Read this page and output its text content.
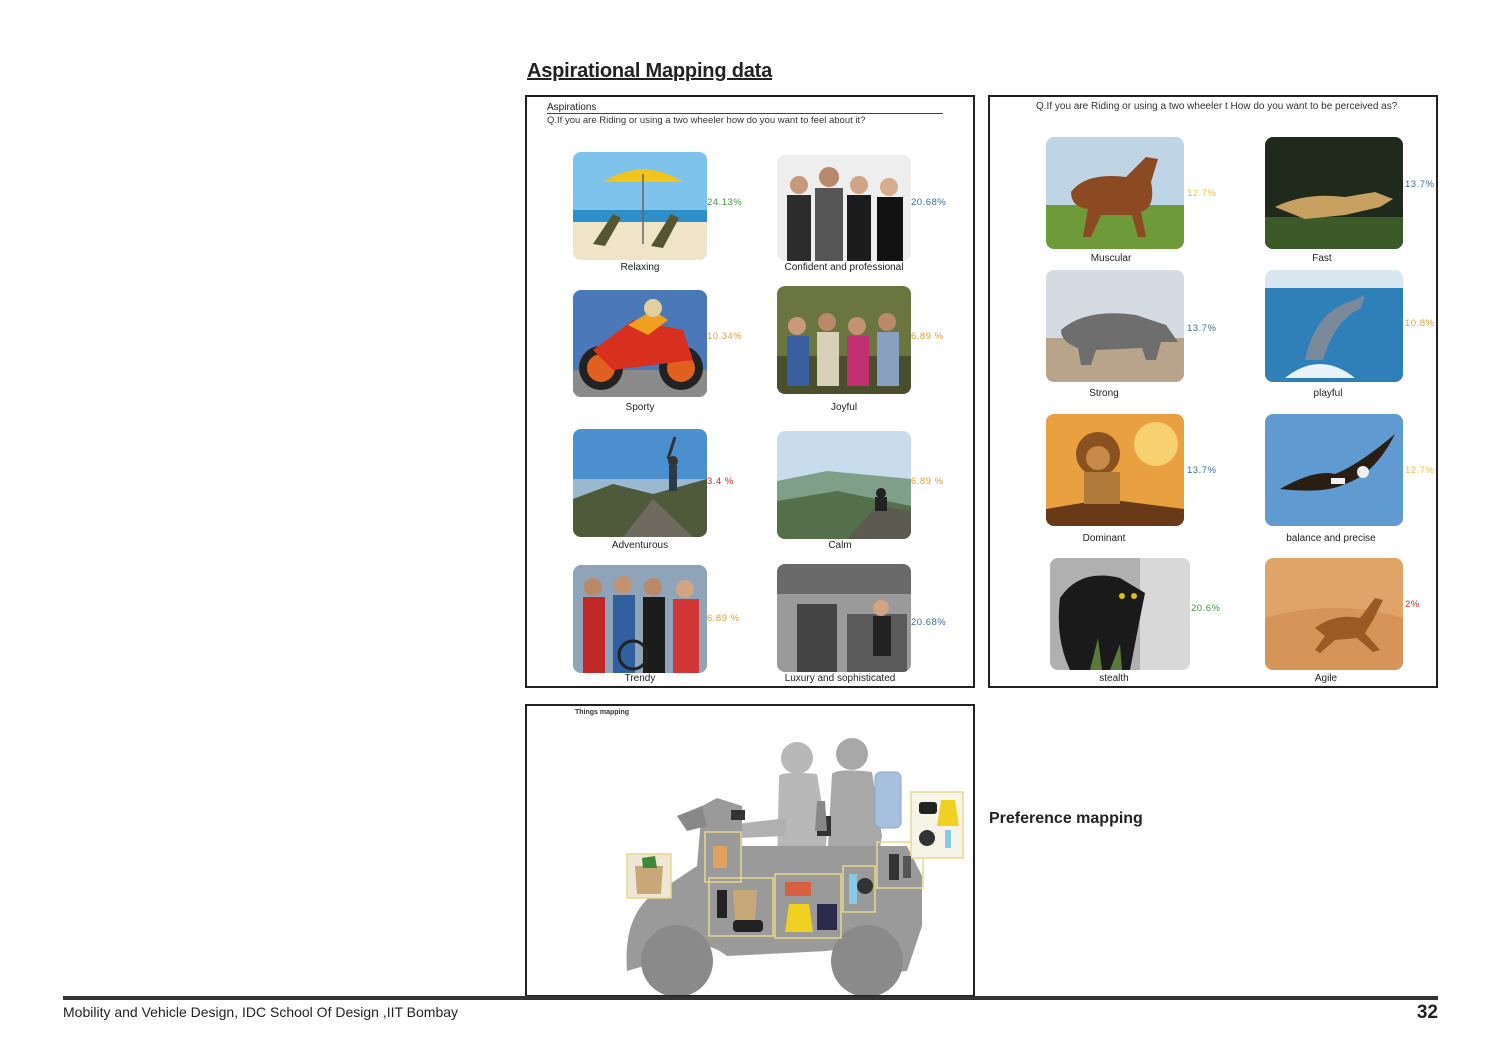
Aspirational Mapping data
Aspirations
Q.If you are Riding or using a two wheeler how do you want to feel about it?
24.13%
Relaxing
20.68%
Confident and professional
10.34%
Sporty
6.89 %
Joyful
3.4 %
Adventurous
6.89 %
Calm
6.89 %
Trendy
20.68%
Luxury and sophisticated
Q.If you are Riding or using a two wheeler t How do you want to be perceived as?
12.7%
Muscular
13.7%
Fast
13.7%
Strong
10.8%
playful
13.7%
Dominant
12.7%
balance and precise
20.6%
stealth
2%
Agile
Things mapping
Preference mapping
Mobility and Vehicle Design, IDC School Of Design ,IIT Bombay	32
